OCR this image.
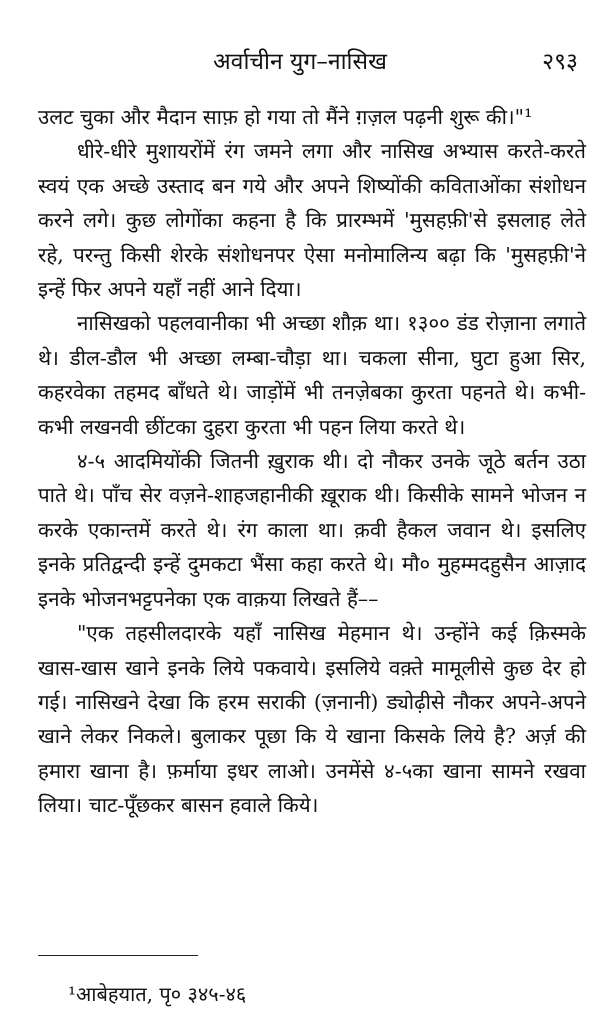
अर्वाचीन युग–नासिख	२९३

उलट चुका और मैदान साफ़ हो गया तो मैंने ग़ज़ल पढ़नी शुरू की।"¹

धीरे-धीरे मुशायरोंमें रंग जमने लगा और नासिख अभ्यास करते-करते स्वयं एक अच्छे उस्ताद बन गये और अपने शिष्योंकी कविताओंका संशोधन करने लगे। कुछ लोगोंका कहना है कि प्रारम्भमें 'मुसहफ़ी'से इसलाह लेते रहे, परन्तु किसी शेरके संशोधनपर ऐसा मनोमालिन्य बढ़ा कि 'मुसहफ़ी'ने इन्हें फिर अपने यहाँ नहीं आने दिया।

नासिखको पहलवानीका भी अच्छा शौक़ था। १३०० डंड रोज़ाना लगाते थे। डील-डौल भी अच्छा लम्बा-चौड़ा था। चकला सीना, घुटा हुआ सिर, कहरवेका तहमद बाँधते थे। जाड़ोंमें भी तनज़ेबका कुरता पहनते थे। कभी-कभी लखनवी छींटका दुहरा कुरता भी पहन लिया करते थे।

४-५ आदमियोंकी जितनी ख़ुराक थी। दो नौकर उनके जूठे बर्तन उठा पाते थे। पाँच सेर वज़ने-शाहजहानीकी ख़ूराक थी। किसीके सामने भोजन न करके एकान्तमें करते थे। रंग काला था। क़वी हैकल जवान थे। इसलिए इनके प्रतिद्वन्दी इन्हें दुमकटा भैंसा कहा करते थे। मौ० मुहम्मदहुसैन आज़ाद इनके भोजनभट्टपनेका एक वाक़या लिखते हैं––

"एक तहसीलदारके यहाँ नासिख मेहमान थे। उन्होंने कई क़िस्मके खास-खास खाने इनके लिये पकवाये। इसलिये वक़्ते मामूलीसे कुछ देर हो गई। नासिखने देखा कि हरम सराकी (ज़नानी) ड्योढ़ीसे नौकर अपने-अपने खाने लेकर निकले। बुलाकर पूछा कि ये खाना किसके लिये है? अर्ज़ की हमारा खाना है। फ़र्माया इधर लाओ। उनमेंसे ४-५का खाना सामने रखवा लिया। चाट-पूँछकर बासन हवाले किये।

¹आबेहयात, पृ० ३४५-४६
